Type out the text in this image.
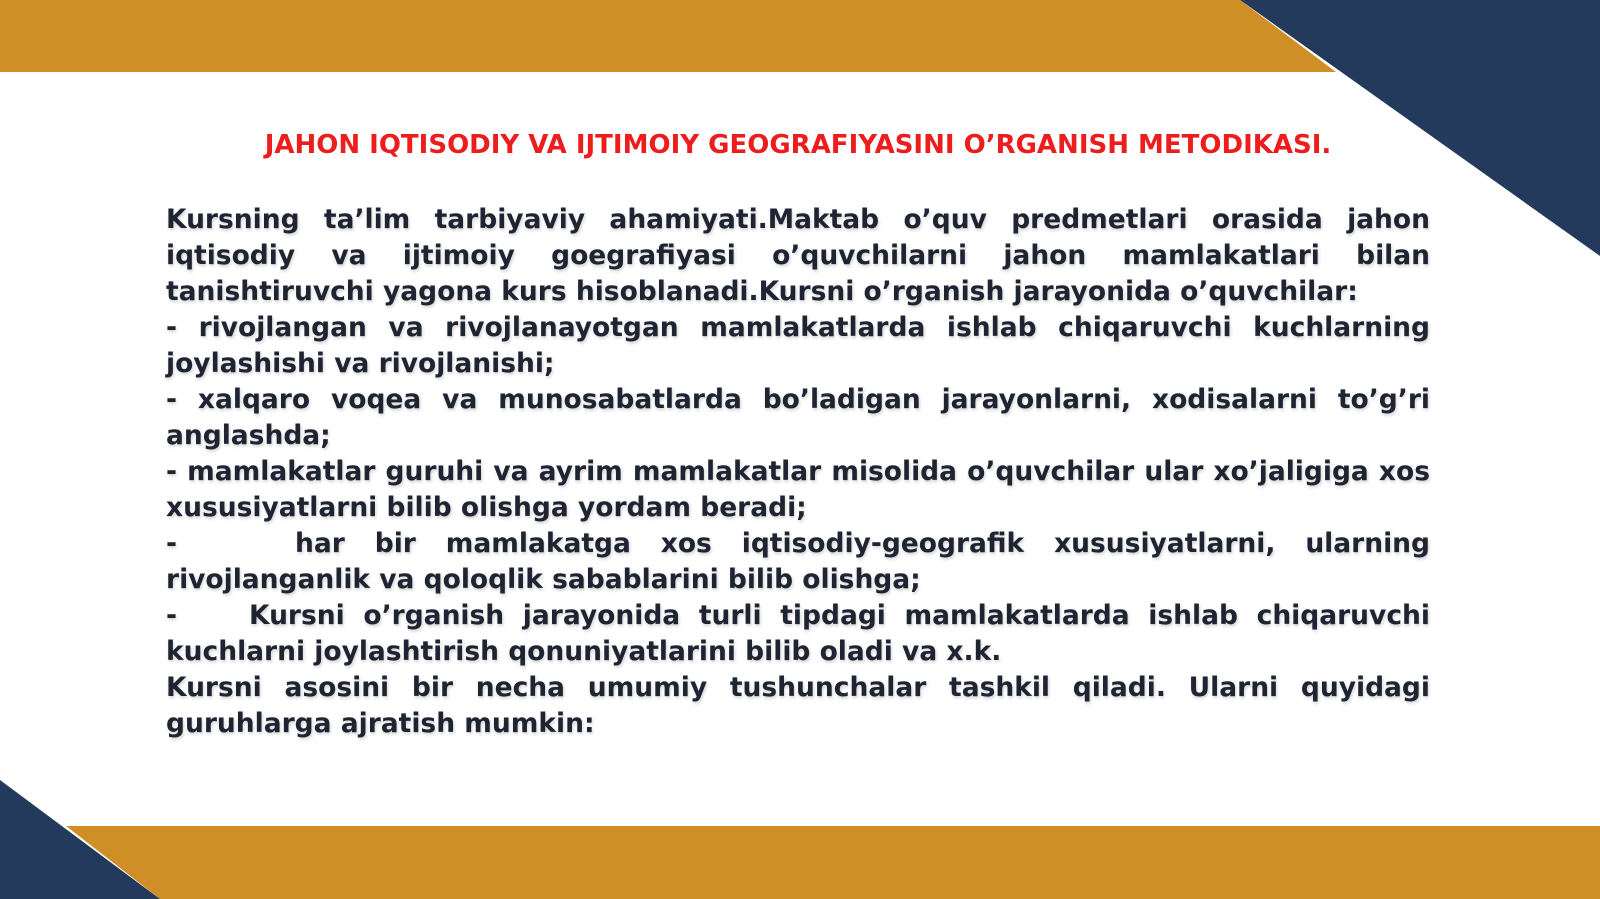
JAHON IQTISODIY VA IJTIMOIY GEOGRAFIYASINI O’RGANISH METODIKASI.

Kursning ta’lim tarbiyaviy ahamiyati.Maktab o’quv predmetlari orasida jahon iqtisodiy va ijtimoiy goegrafiyasi o’quvchilarni jahon mamlakatlari bilan tanishtiruvchi yagona kurs hisoblanadi.Kursni o’rganish jarayonida o’quvchilar:

- rivojlangan va rivojlanayotgan mamlakatlarda ishlab chiqaruvchi kuchlarning joylashishi va rivojlanishi;

- xalqaro voqea va munosabatlarda bo’ladigan jarayonlarni, xodisalarni to’g’ri anglashda;

- mamlakatlar guruhi va ayrim mamlakatlar misolida o’quvchilar ular xo’jaligiga xos xususiyatlarni bilib olishga yordam beradi;

-	har bir mamlakatga xos iqtisodiy-geografik xususiyatlarni, ularning rivojlanganlik va qoloqlik sabablarini bilib olishga;

-	Kursni o’rganish jarayonida turli tipdagi mamlakatlarda ishlab chiqaruvchi kuchlarni joylashtirish qonuniyatlarini bilib oladi va x.k.

Kursni asosini bir necha umumiy tushunchalar tashkil qiladi. Ularni quyidagi guruhlarga ajratish mumkin:
